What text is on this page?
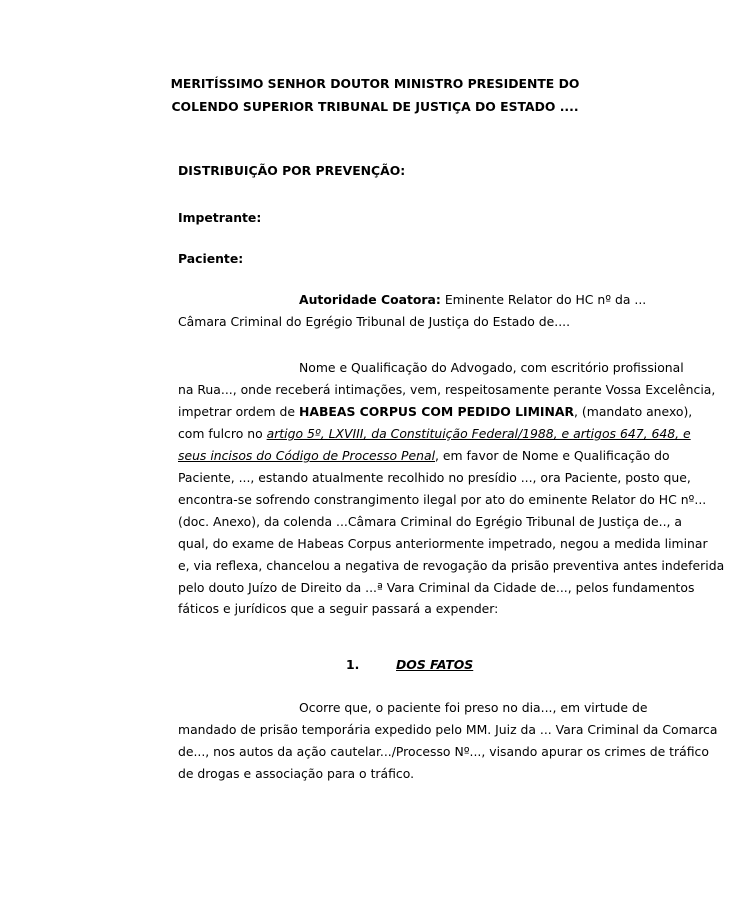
MERITÍSSIMO SENHOR DOUTOR MINISTRO PRESIDENTE DO
COLENDO SUPERIOR TRIBUNAL DE JUSTIÇA DO ESTADO ....
DISTRIBUIÇÃO POR PREVENÇÃO:
Impetrante:
Paciente:
Autoridade Coatora: Eminente Relator do HC nº da ...
Câmara Criminal do Egrégio Tribunal de Justiça do Estado de....
Nome e Qualificação do Advogado, com escritório profissional
na Rua..., onde receberá intimações, vem, respeitosamente perante Vossa Excelência,
impetrar ordem de HABEAS CORPUS COM PEDIDO LIMINAR, (mandato anexo),
com fulcro no artigo 5º, LXVIII, da Constituição Federal/1988, e artigos 647, 648, e
seus incisos do Código de Processo Penal, em favor de Nome e Qualificação do
Paciente, ..., estando atualmente recolhido no presídio ..., ora Paciente, posto que,
encontra-se sofrendo constrangimento ilegal por ato do eminente Relator do HC nº...
(doc. Anexo), da colenda ...Câmara Criminal do Egrégio Tribunal de Justiça de.., a
qual, do exame de Habeas Corpus anteriormente impetrado, negou a medida liminar
e, via reflexa, chancelou a negativa de revogação da prisão preventiva antes indeferida
pelo douto Juízo de Direito da ...ª Vara Criminal da Cidade de..., pelos fundamentos
fáticos e jurídicos que a seguir passará a expender:
1.	DOS FATOS
Ocorre que, o paciente foi preso no dia..., em virtude de
mandado de prisão temporária expedido pelo MM. Juiz da ... Vara Criminal da Comarca
de..., nos autos da ação cautelar.../Processo Nº..., visando apurar os crimes de tráfico
de drogas e associação para o tráfico.
